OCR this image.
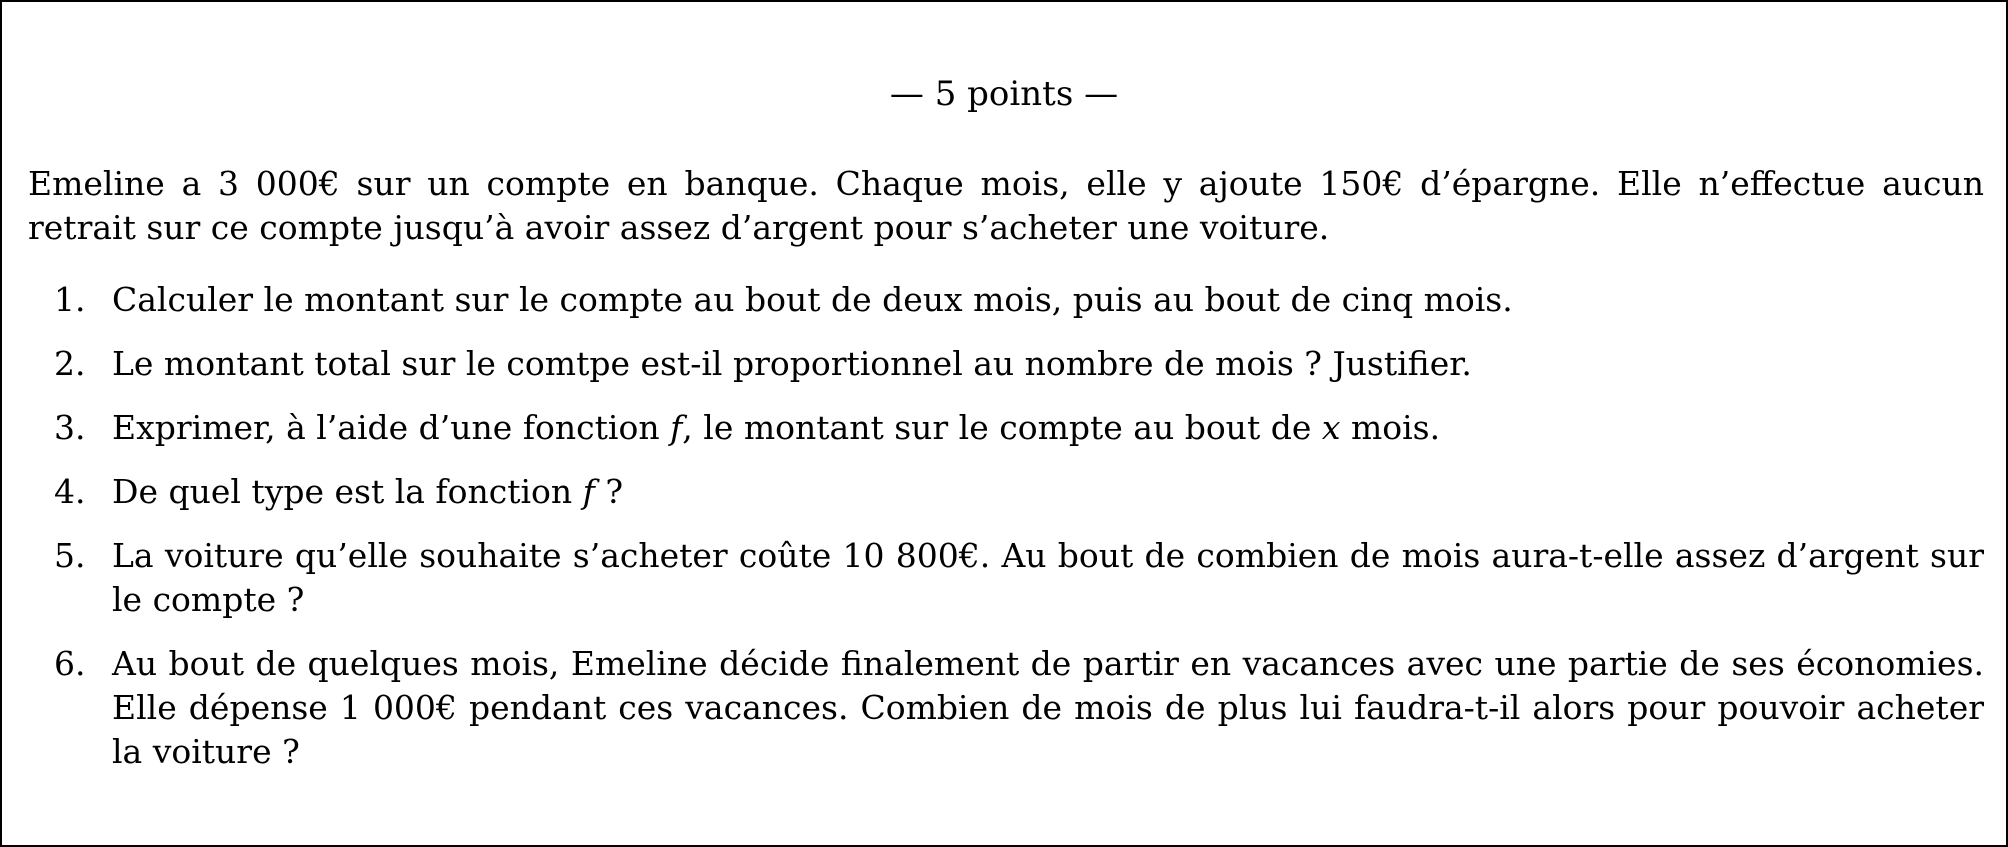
— 5 points —

Emeline a 3 000€ sur un compte en banque. Chaque mois, elle y ajoute 150€ d’épargne. Elle n’effectue aucun retrait sur ce compte jusqu’à avoir assez d’argent pour s’acheter une voiture.

1. Calculer le montant sur le compte au bout de deux mois, puis au bout de cinq mois.
2. Le montant total sur le comtpe est-il proportionnel au nombre de mois ? Justifier.
3. Exprimer, à l’aide d’une fonction f, le montant sur le compte au bout de x mois.
4. De quel type est la fonction f ?
5. La voiture qu’elle souhaite s’acheter coûte 10 800€. Au bout de combien de mois aura-t-elle assez d’argent sur le compte ?
6. Au bout de quelques mois, Emeline décide finalement de partir en vacances avec une partie de ses économies. Elle dépense 1 000€ pendant ces vacances. Combien de mois de plus lui faudra-t-il alors pour pouvoir acheter la voiture ?
